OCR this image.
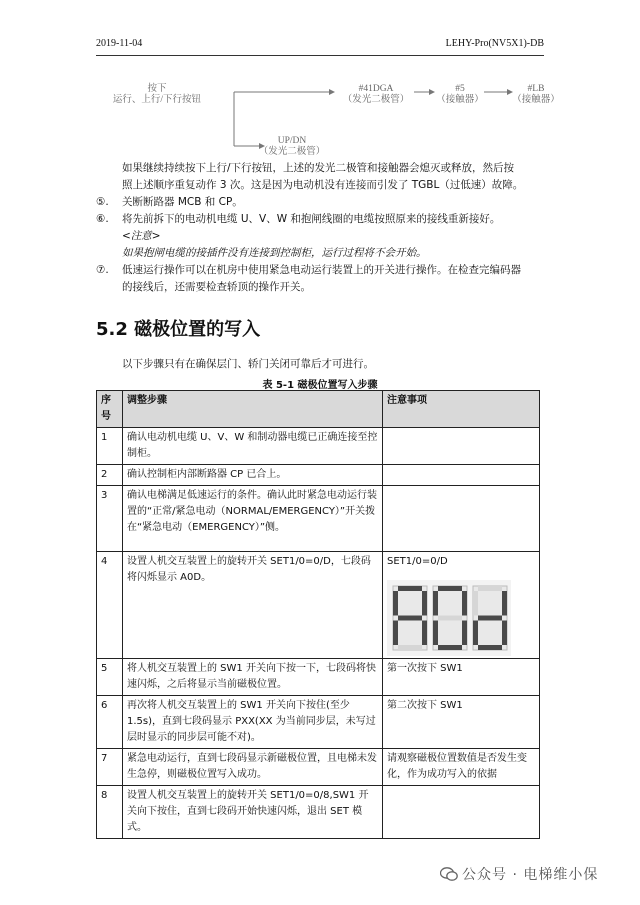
2019-11-04	LEHY-Pro(NV5X1)-DB
按下
运行、上行/下行按钮
#41DGA
（发光二极管）
#5
（接触器）
#LB
（接触器）
UP/DN
（发光二极管）
如果继续持续按下上行/下行按钮，上述的发光二极管和接触器会熄灭或释放，然后按
照上述顺序重复动作 3 次。这是因为电动机没有连接而引发了 TGBL（过低速）故障。
⑤. 关断断路器 MCB 和 CP。
⑥. 将先前拆下的电动机电缆 U、V、W 和抱闸线圈的电缆按照原来的接线重新接好。
<注意>
如果抱闸电缆的接插件没有连接到控制柜，运行过程将不会开始。
⑦. 低速运行操作可以在机房中使用紧急电动运行装置上的开关进行操作。在检查完编码器
的接线后，还需要检查轿顶的操作开关。
5.2 磁极位置的写入
以下步骤只有在确保层门、轿门关闭可靠后才可进行。
表 5-1 磁极位置写入步骤
序号	调整步骤	注意事项
1	确认电动机电缆 U、V、W 和制动器电缆已正确连接至控制柜。	
2	确认控制柜内部断路器 CP 已合上。	
3	确认电梯满足低速运行的条件。确认此时紧急电动运行装置的“正常/紧急电动（NORMAL/EMERGENCY）”开关拨在“紧急电动（EMERGENCY）”侧。	
4	设置人机交互装置上的旋转开关 SET1/0=0/D，七段码将闪烁显示 A0D。	SET1/0=0/D

5	将人机交互装置上的 SW1 开关向下按一下，七段码将快速闪烁，之后将显示当前磁极位置。	第一次按下 SW1
6	再次将人机交互装置上的 SW1 开关向下按住(至少 1.5s)，直到七段码显示 PXX(XX 为当前同步层，未写过层时显示的同步层可能不对)。	第二次按下 SW1
7	紧急电动运行，直到七段码显示新磁极位置，且电梯未发生急停，则磁极位置写入成功。	请观察磁极位置数值是否发生变化，作为成功写入的依据
8	设置人机交互装置上的旋转开关 SET1/0=0/8,SW1 开关向下按住，直到七段码开始快速闪烁，退出 SET 模式。	
公众号 · 电梯维小保
